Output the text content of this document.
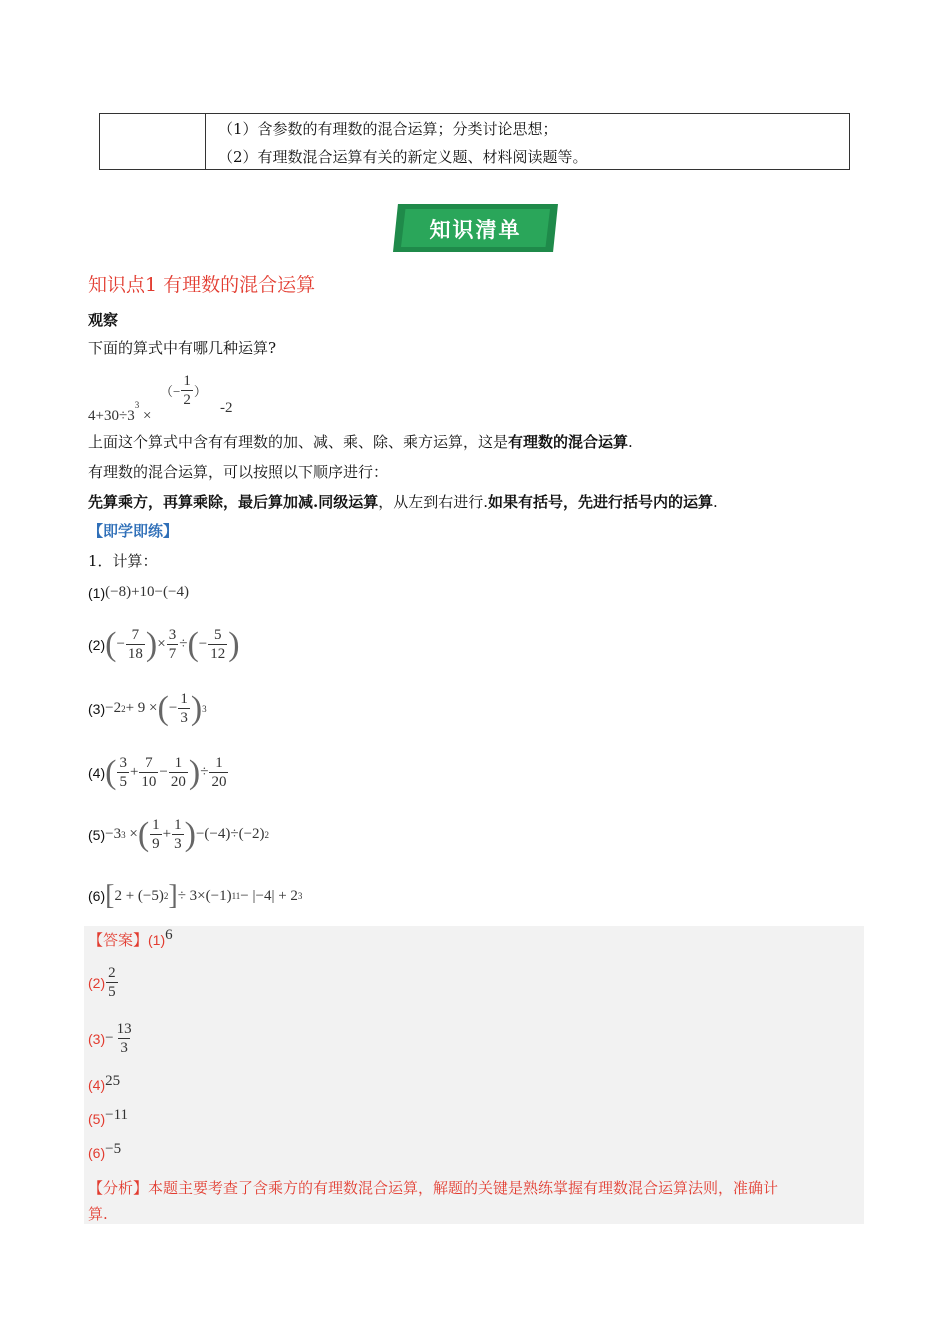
（1）含参数的有理数的混合运算；分类讨论思想；
（2）有理数混合运算有关的新定义题、材料阅读题等。
知识清单
知识点1 有理数的混合运算
观察
下面的算式中有哪几种运算?
$4+30\div 3^3$ ×
（− $\frac{1}{2}$ ）
-2
上面这个算式中含有有理数的加、减、乘、除、乘方运算，这是有理数的混合运算.
有理数的混合运算，可以按照以下顺序进行：
先算乘方，再算乘除，最后算加减.同级运算，从左到右进行.如果有括号，先进行括号内的运算.
【即学即练】
1．计算：
(1) (−8)+10−(−4)
(2) ( − $\frac{7}{18}$ ) × $\frac{3}{7}$ ÷ ( − $\frac{5}{12}$ )
(3) −2 2 + 9 × ( − $\frac{1}{3}$ ) 3
(4) ( $\frac{3}{5} + \frac{7}{10} - \frac{1}{20}$ ) ÷ $\frac{1}{20}$
(5) −3 3 × ( $\frac{1}{9} + \frac{1}{3}$ ) −(−4)÷(−2) 2
(6) [ 2 + (−5) 2 ] ÷ 3×(−1) 11 − |−4| + 2 3
【答案】 (1) 6
$(2) \frac{2}{5}$
$(3) - \frac{13}{3}$
(4) 25
(5) −11
(6) −5
【分析】本题主要考查了含乘方的有理数混合运算，解题的关键是熟练掌握有理数混合运算法则，准确计
算.
